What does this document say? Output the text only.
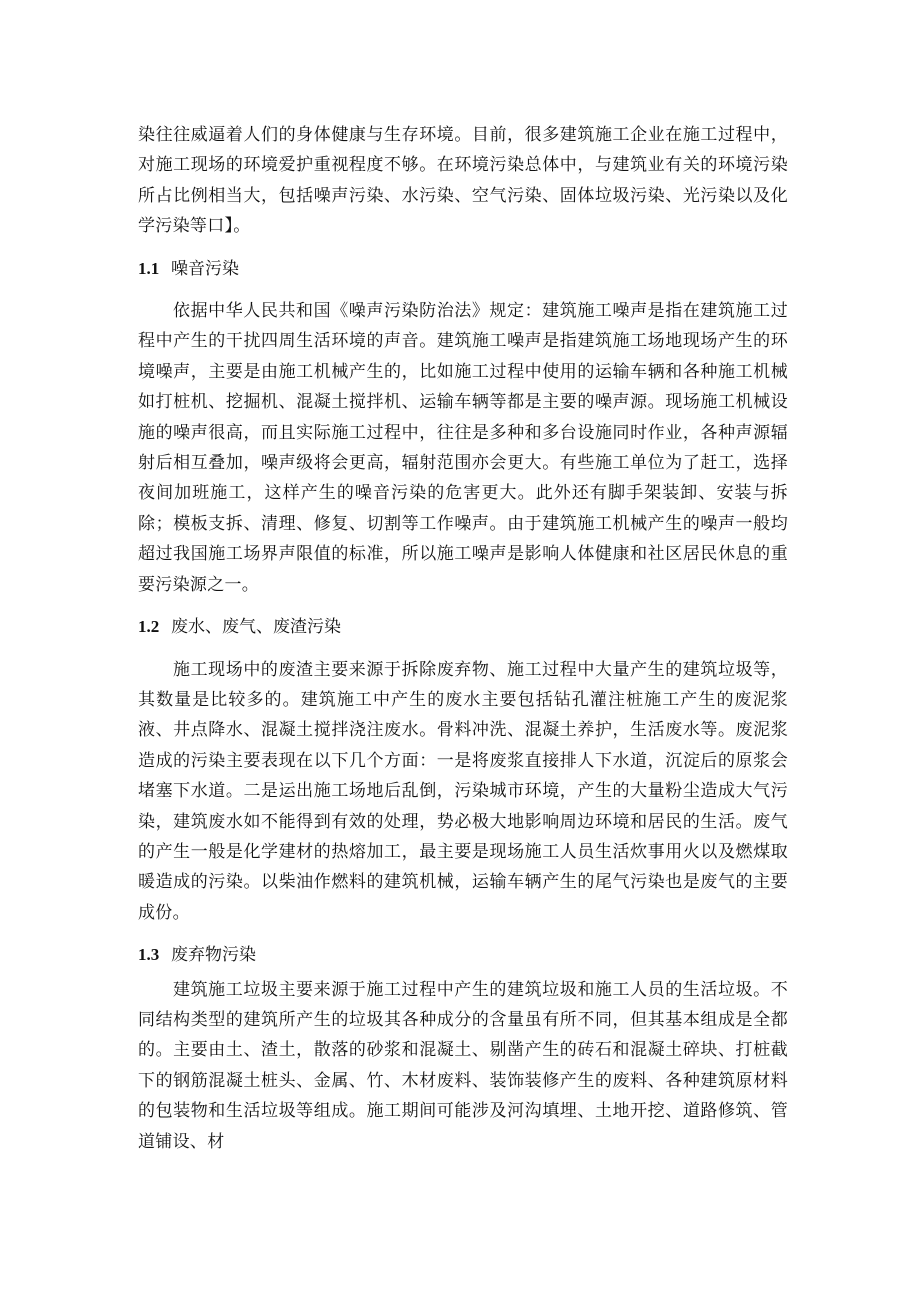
染往往威逼着人们的身体健康与生存环境。目前，很多建筑施工企业在施工过程中，对施工现场的环境爱护重视程度不够。在环境污染总体中，与建筑业有关的环境污染所占比例相当大，包括噪声污染、水污染、空气污染、固体垃圾污染、光污染以及化学污染等口】。

1.1 噪音污染

依据中华人民共和国《噪声污染防治法》规定：建筑施工噪声是指在建筑施工过程中产生的干扰四周生活环境的声音。建筑施工噪声是指建筑施工场地现场产生的环境噪声，主要是由施工机械产生的，比如施工过程中使用的运输车辆和各种施工机械如打桩机、挖掘机、混凝土搅拌机、运输车辆等都是主要的噪声源。现场施工机械设施的噪声很高，而且实际施工过程中，往往是多种和多台设施同时作业，各种声源辐射后相互叠加，噪声级将会更高，辐射范围亦会更大。有些施工单位为了赶工，选择夜间加班施工，这样产生的噪音污染的危害更大。此外还有脚手架装卸、安装与拆除；模板支拆、清理、修复、切割等工作噪声。由于建筑施工机械产生的噪声一般均超过我国施工场界声限值的标准，所以施工噪声是影响人体健康和社区居民休息的重要污染源之一。

1.2 废水、废气、废渣污染

施工现场中的废渣主要来源于拆除废弃物、施工过程中大量产生的建筑垃圾等，其数量是比较多的。建筑施工中产生的废水主要包括钻孔灌注桩施工产生的废泥浆液、井点降水、混凝土搅拌浇注废水。骨料冲洗、混凝土养护，生活废水等。废泥浆造成的污染主要表现在以下几个方面：一是将废浆直接排人下水道，沉淀后的原浆会堵塞下水道。二是运出施工场地后乱倒，污染城市环境，产生的大量粉尘造成大气污染，建筑废水如不能得到有效的处理，势必极大地影响周边环境和居民的生活。废气的产生一般是化学建材的热熔加工，最主要是现场施工人员生活炊事用火以及燃煤取暖造成的污染。以柴油作燃料的建筑机械，运输车辆产生的尾气污染也是废气的主要成份。

1.3 废弃物污染

建筑施工垃圾主要来源于施工过程中产生的建筑垃圾和施工人员的生活垃圾。不同结构类型的建筑所产生的垃圾其各种成分的含量虽有所不同，但其基本组成是全都的。主要由土、渣土，散落的砂浆和混凝土、剔凿产生的砖石和混凝土碎块、打桩截下的钢筋混凝土桩头、金属、竹、木材废料、装饰装修产生的废料、各种建筑原材料的包装物和生活垃圾等组成。施工期间可能涉及河沟填埋、土地开挖、道路修筑、管道铺设、材
